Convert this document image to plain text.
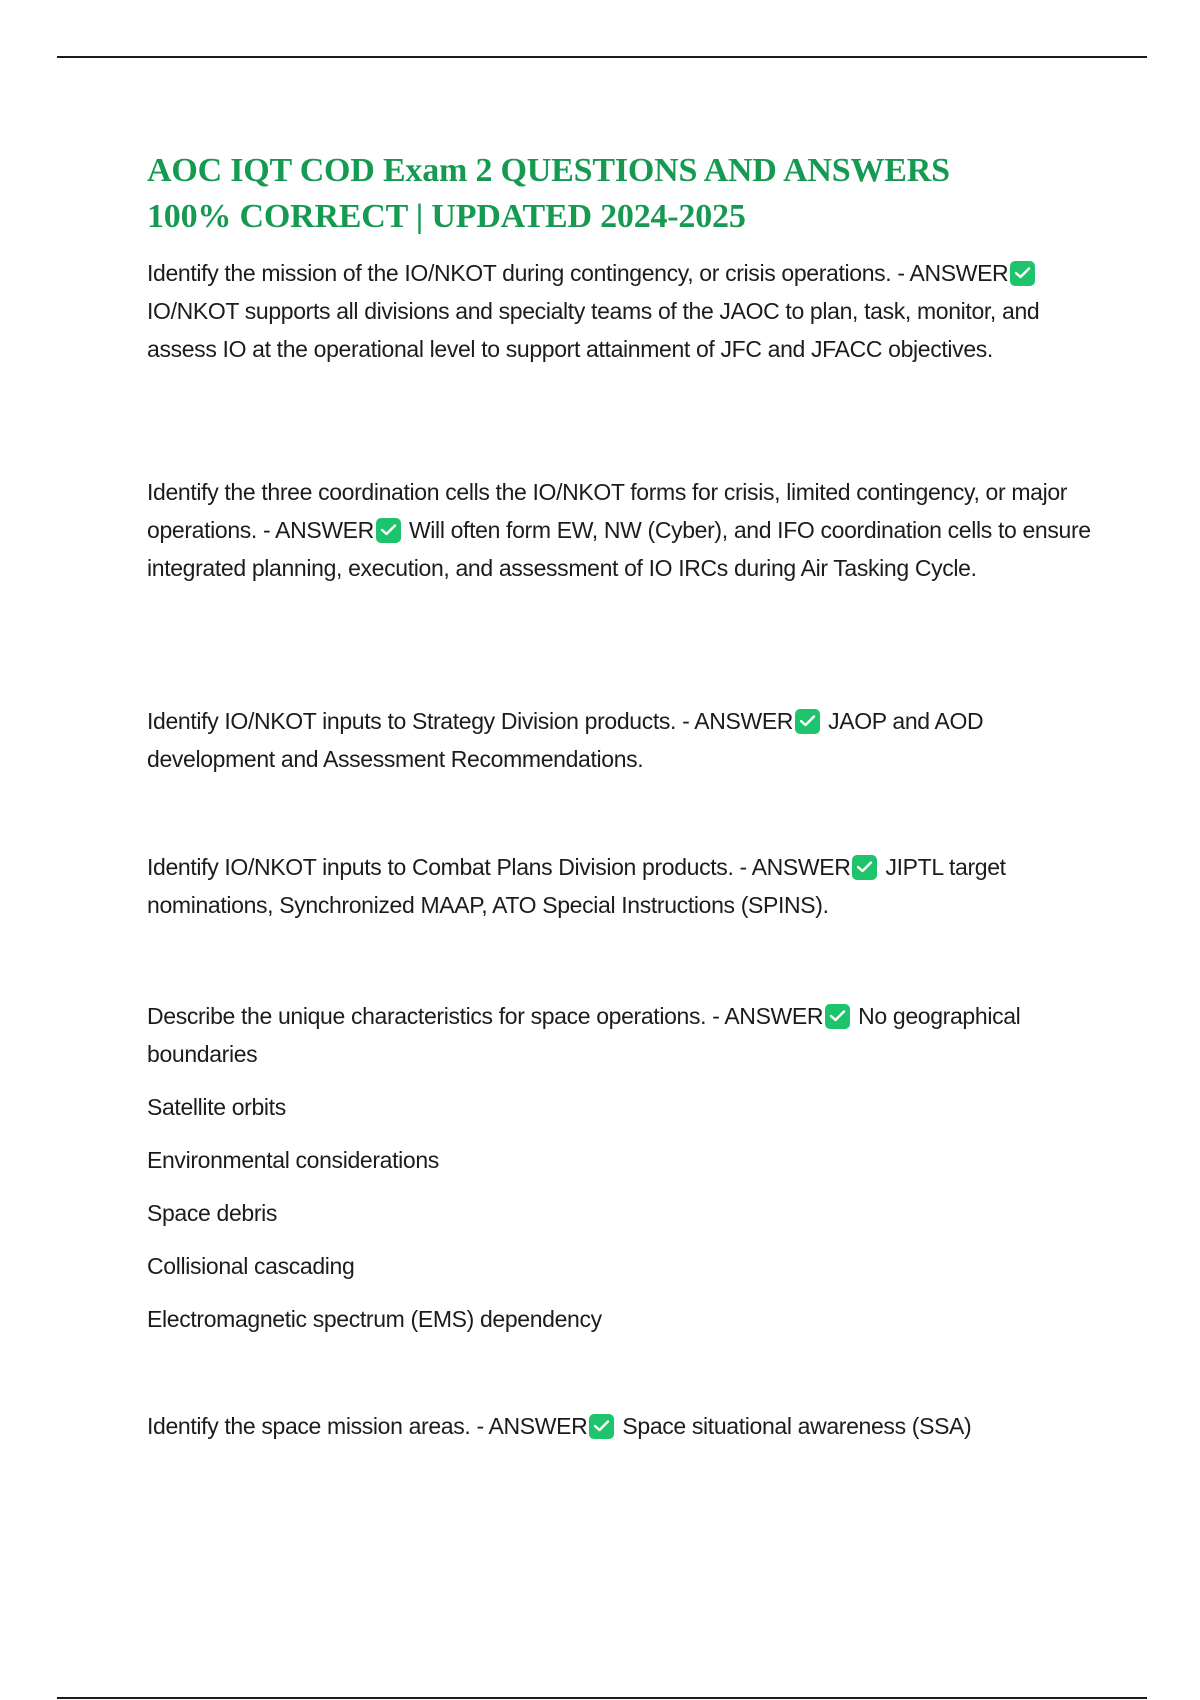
AOC IQT COD Exam 2 QUESTIONS AND ANSWERS
100% CORRECT | UPDATED 2024-2025

Identify the mission of the IO/NKOT during contingency, or crisis operations. - ANSWER
IO/NKOT supports all divisions and specialty teams of the JAOC to plan, task, monitor, and assess IO at the operational level to support attainment of JFC and JFACC objectives.

Identify the three coordination cells the IO/NKOT forms for crisis, limited contingency, or major operations. - ANSWER Will often form EW, NW (Cyber), and IFO coordination cells to ensure integrated planning, execution, and assessment of IO IRCs during Air Tasking Cycle.

Identify IO/NKOT inputs to Strategy Division products. - ANSWER JAOP and AOD development and Assessment Recommendations.

Identify IO/NKOT inputs to Combat Plans Division products. - ANSWER JIPTL target nominations, Synchronized MAAP, ATO Special Instructions (SPINS).

Describe the unique characteristics for space operations. - ANSWER No geographical boundaries
Satellite orbits
Environmental considerations
Space debris
Collisional cascading
Electromagnetic spectrum (EMS) dependency

Identify the space mission areas. - ANSWER Space situational awareness (SSA)
